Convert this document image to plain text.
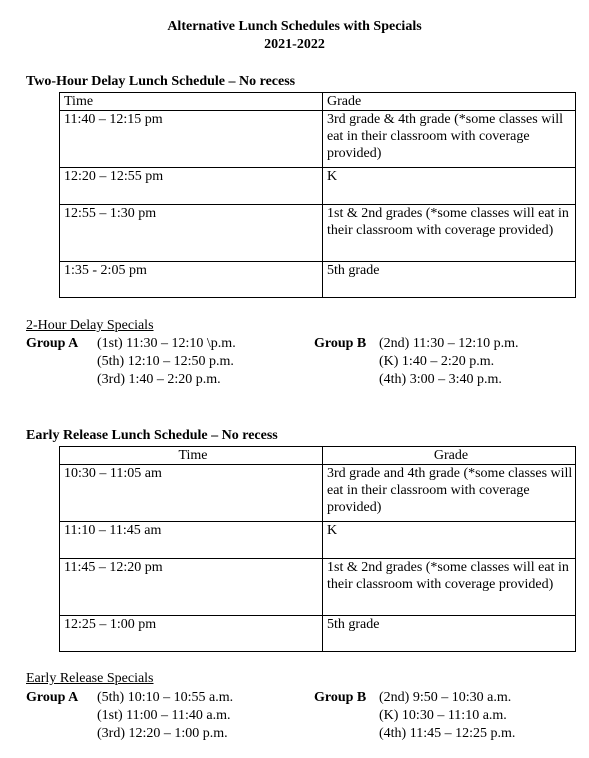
Alternative Lunch Schedules with Specials
2021-2022
Two-Hour Delay Lunch Schedule – No recess
Time	Grade
11:40 – 12:15 pm	3rd grade & 4th grade (*some classes will eat in their classroom with coverage provided)
12:20 – 12:55 pm	K
12:55 – 1:30 pm	1st & 2nd grades (*some classes will eat in their classroom with coverage provided)
1:35 - 2:05 pm	5th grade
2-Hour Delay Specials
Group A (1st) 11:30 – 12:10 \p.m.
(5th) 12:10 – 12:50 p.m.
(3rd) 1:40 – 2:20 p.m.
Group B (2nd) 11:30 – 12:10 p.m.
(K) 1:40 – 2:20 p.m.
(4th) 3:00 – 3:40 p.m.
Early Release Lunch Schedule – No recess
Time	Grade
10:30 – 11:05 am	3rd grade and 4th grade (*some classes will eat in their classroom with coverage provided)
11:10 – 11:45 am	K
11:45 – 12:20 pm	1st & 2nd grades (*some classes will eat in their classroom with coverage provided)
12:25 – 1:00 pm	5th grade
Early Release Specials
Group A (5th) 10:10 – 10:55 a.m.
(1st) 11:00 – 11:40 a.m.
(3rd) 12:20 – 1:00 p.m.
Group B (2nd) 9:50 – 10:30 a.m.
(K) 10:30 – 11:10 a.m.
(4th) 11:45 – 12:25 p.m.
